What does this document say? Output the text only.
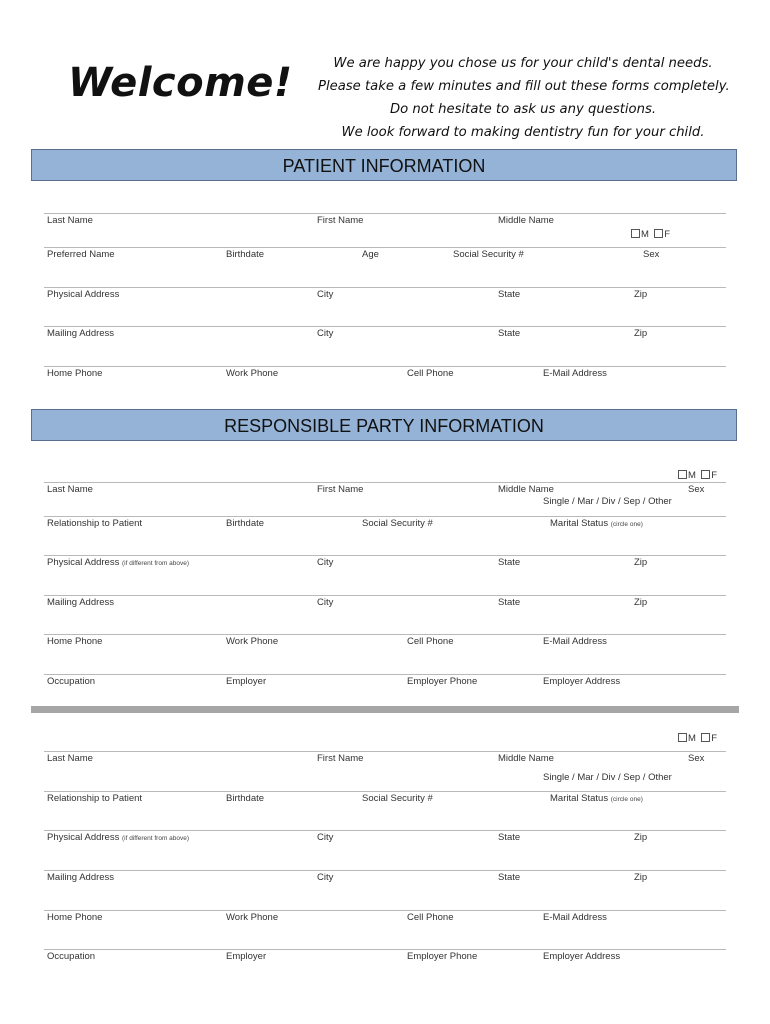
Welcome!	We are happy you chose us for your child's dental needs.
Please take a few minutes and fill out these forms completely.
Do not hesitate to ask us any questions.
We look forward to making dentistry fun for your child.
PATIENT INFORMATION
Last Name	First Name	Middle Name
M F
Preferred Name	Birthdate	Age	Social Security #	Sex
Physical Address	City	State	Zip
Mailing Address	City	State	Zip
Home Phone	Work Phone	Cell Phone	E-Mail Address
RESPONSIBLE PARTY INFORMATION
M F
Last Name	First Name	Middle Name	Sex
Single / Mar / Div / Sep / Other
Relationship to Patient	Birthdate	Social Security #	Marital Status (circle one)
Physical Address (if different from above)	City	State	Zip
Mailing Address	City	State	Zip
Home Phone	Work Phone	Cell Phone	E-Mail Address
Occupation	Employer	Employer Phone	Employer Address
M F
Last Name	First Name	Middle Name	Sex
Single / Mar / Div / Sep / Other
Relationship to Patient	Birthdate	Social Security #	Marital Status (circle one)
Physical Address (if different from above)	City	State	Zip
Mailing Address	City	State	Zip
Home Phone	Work Phone	Cell Phone	E-Mail Address
Occupation	Employer	Employer Phone	Employer Address
